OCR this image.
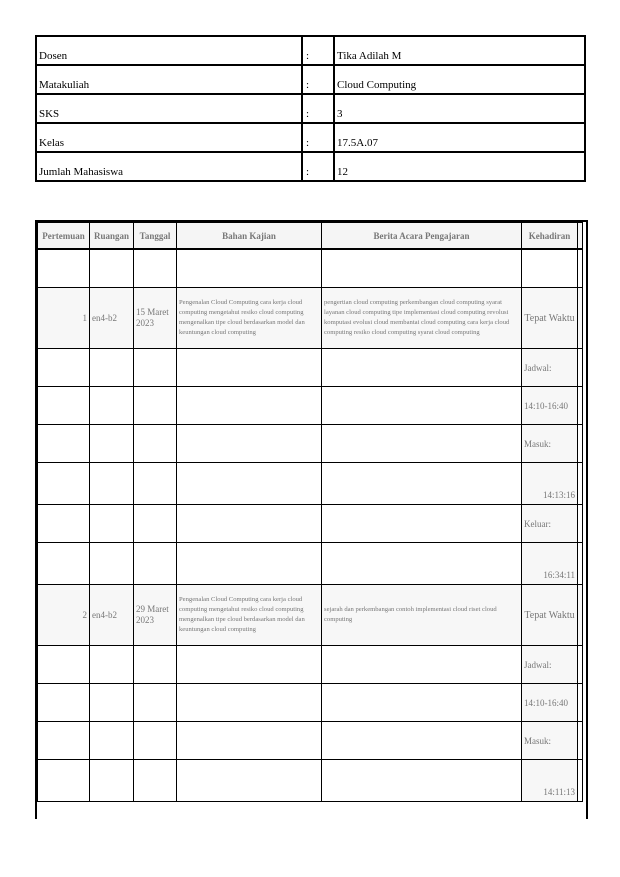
Dosen	:	Tika Adilah M
Matakuliah	:	Cloud Computing
SKS	:	3
Kelas	:	17.5A.07
Jumlah Mahasiswa	:	12
Pertemuan	Ruangan	Tanggal	Bahan Kajian	Berita Acara Pengajaran	Kehadiran	

1	en4-b2	15 Maret 2023	Pengenalan Cloud Computing cara kerja cloud computing mengetahui resiko cloud computing mengenalkan tipe cloud berdasarkan model dan keuntungan cloud computing	pengertian cloud computing perkembangan cloud computing syarat layanan cloud computing tipe implementasi cloud computing revolusi komputasi evolusi cloud membantai cloud computing cara kerja cloud computing resiko cloud computing syarat cloud computing	Tepat Waktu	
					Jadwal:	
					14:10-16:40	
					Masuk:	
					14:13:16	
					Keluar:	
					16:34:11	
2	en4-b2	29 Maret 2023	Pengenalan Cloud Computing cara kerja cloud computing mengetahui resiko cloud computing mengenalkan tipe cloud berdasarkan model dan keuntungan cloud computing	sejarah dan perkembangan contoh implementasi cloud riset cloud computing	Tepat Waktu	
					Jadwal:	
					14:10-16:40	
					Masuk:	
					14:11:13	
